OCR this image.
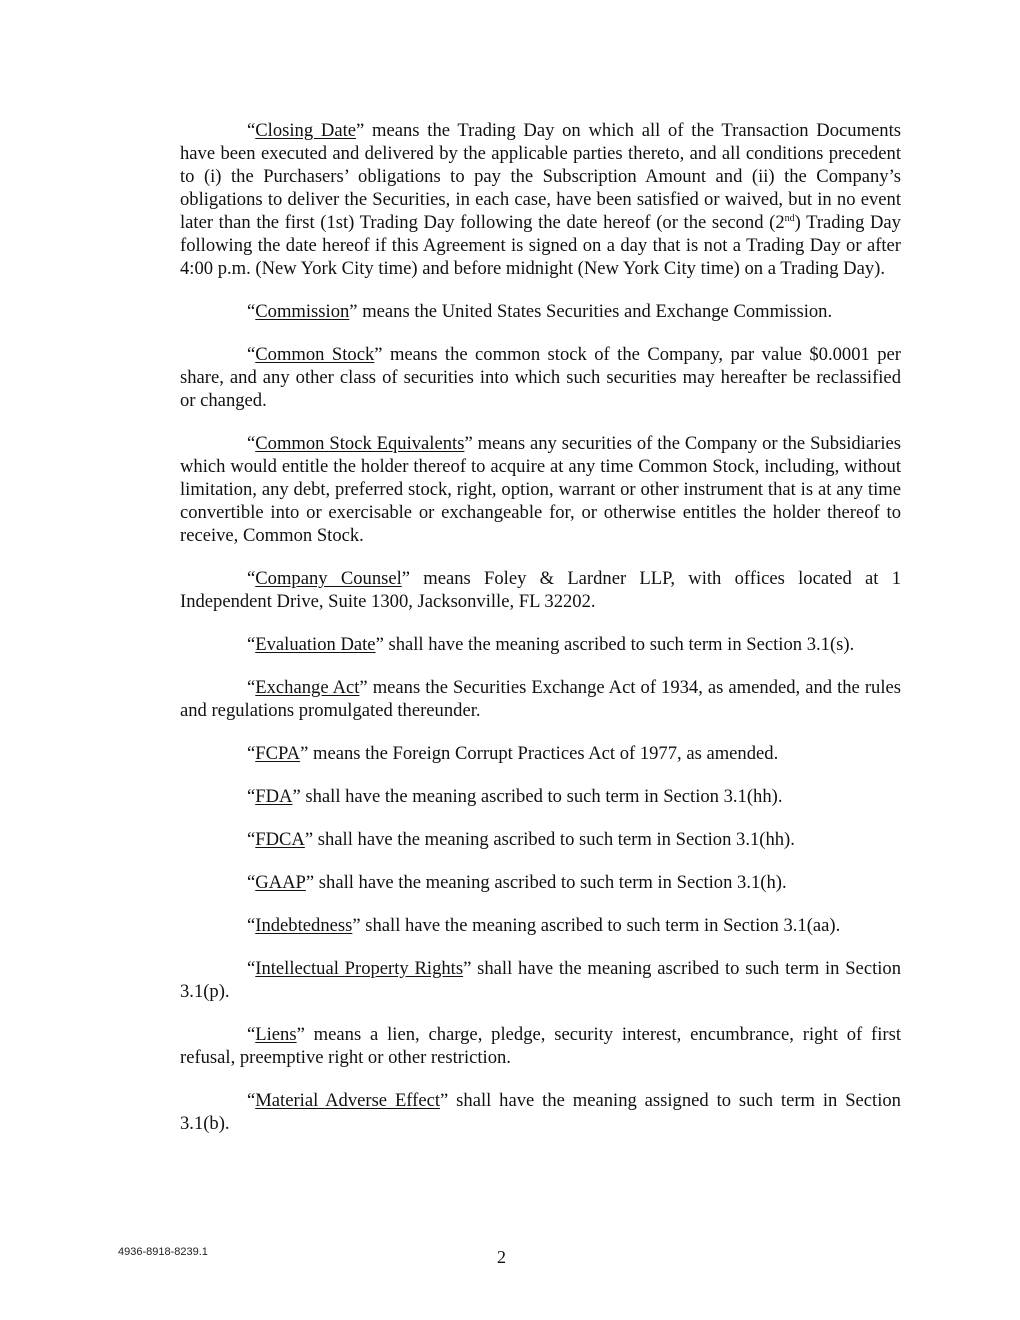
“Closing Date” means the Trading Day on which all of the Transaction Documents have been executed and delivered by the applicable parties thereto, and all conditions precedent to (i) the Purchasers’ obligations to pay the Subscription Amount and (ii) the Company’s obligations to deliver the Securities, in each case, have been satisfied or waived, but in no event later than the first (1st) Trading Day following the date hereof (or the second (2nd) Trading Day following the date hereof if this Agreement is signed on a day that is not a Trading Day or after 4:00 p.m. (New York City time) and before midnight (New York City time) on a Trading Day).

“Commission” means the United States Securities and Exchange Commission.

“Common Stock” means the common stock of the Company, par value $0.0001 per share, and any other class of securities into which such securities may hereafter be reclassified or changed.

“Common Stock Equivalents” means any securities of the Company or the Subsidiaries which would entitle the holder thereof to acquire at any time Common Stock, including, without limitation, any debt, preferred stock, right, option, warrant or other instrument that is at any time convertible into or exercisable or exchangeable for, or otherwise entitles the holder thereof to receive, Common Stock.

“Company Counsel” means Foley & Lardner LLP, with offices located at 1 Independent Drive, Suite 1300, Jacksonville, FL 32202.

“Evaluation Date” shall have the meaning ascribed to such term in Section 3.1(s).

“Exchange Act” means the Securities Exchange Act of 1934, as amended, and the rules and regulations promulgated thereunder.

“FCPA” means the Foreign Corrupt Practices Act of 1977, as amended.

“FDA” shall have the meaning ascribed to such term in Section 3.1(hh).

“FDCA” shall have the meaning ascribed to such term in Section 3.1(hh).

“GAAP” shall have the meaning ascribed to such term in Section 3.1(h).

“Indebtedness” shall have the meaning ascribed to such term in Section 3.1(aa).

“Intellectual Property Rights” shall have the meaning ascribed to such term in Section 3.1(p).

“Liens” means a lien, charge, pledge, security interest, encumbrance, right of first refusal, preemptive right or other restriction.

“Material Adverse Effect” shall have the meaning assigned to such term in Section 3.1(b).

4936-8918-8239.1	2
